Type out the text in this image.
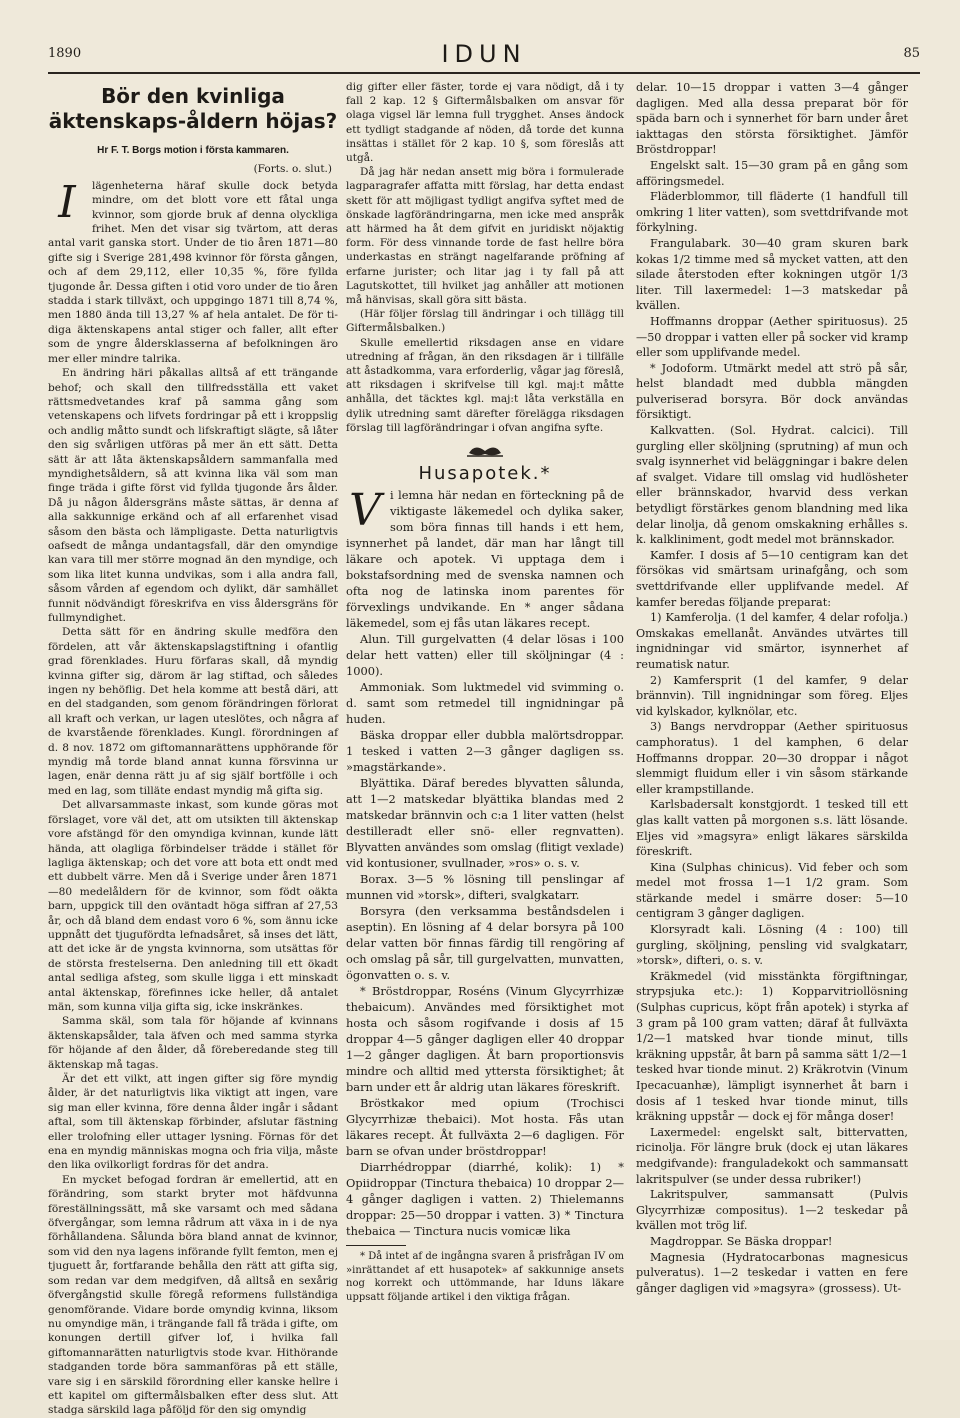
1890	IDUN	85
Bör den kvinliga äktenskaps-åldern höjas?

Hr F. T. Borgs motion i första kammaren.

(Forts. o. slut.)

I	lägenheterna häraf skulle dock betyda mindre, om det blott vore ett fåtal unga kvinnor, som gjorde bruk af denna olyckliga frihet. Men det visar sig tvärtom, att deras antal varit ganska stort. Under de tio åren 1871—80 gifte sig i Sverige 281,498 kvinnor för första gången, och af dem 29,112, eller 10,35 %, före fyllda tjugonde år. Dessa giften i otid voro under de tio åren stadda i stark tillväxt, och uppgingo 1871 till 8,74 %, men 1880 ända till 13,27 % af hela antalet. De för ti-diga äktenskapens antal stiger och faller, allt efter som de yngre åldersklasserna af befolkningen äro mer eller mindre talrika.

En ändring häri påkallas alltså af ett trängande behof; och skall den tillfredsställa ett vaket rättsmedvetandes kraf på samma gång som vetenskapens och lifvets fordringar på ett i kroppslig och andlig måtto sundt och lifskraftigt slägte, så låter den sig svårligen utföras på mer än ett sätt. Detta sätt är att låta äktenskapsåldern sammanfalla med myndighetsåldern, så att kvinna lika väl som man finge träda i gifte först vid fyllda tjugonde års ålder. Då ju någon åldersgräns måste sättas, är denna af alla sakkunnige erkänd och af all erfarenhet visad såsom den bästa och lämpligaste. Detta naturligtvis oafsedt de många undantagsfall, där den omyndige kan vara till mer större mognad än den myndige, och som lika litet kunna undvikas, som i alla andra fall, såsom vården af egendom och dylikt, där samhället funnit nödvändigt föreskrifva en viss åldersgräns för fullmyndighet.

Detta sätt för en ändring skulle medföra den fördelen, att vår äktenskapslagstiftning i ofantlig grad förenklades. Huru förfaras skall, då myndig kvinna gifter sig, därom är lag stiftad, och således ingen ny behöflig. Det hela komme att bestå däri, att en del stadganden, som genom förändringen förlorat all kraft och verkan, ur lagen uteslötes, och några af de kvarstående förenklades. Kungl. förordningen af d. 8 nov. 1872 om giftomannarättens upphörande för myndig må torde bland annat kunna försvinna ur lagen, enär denna rätt ju af sig själf bortfölle i och med en lag, som tillätе endast myndig må gifta sig.

Det allvarsammaste inkast, som kunde göras mot förslaget, vore väl det, att om utsikten till äktenskap vore afstängd för den omyndiga kvinnan, kunde lätt hända, att olagliga förbindelser trädde i stället för lagliga äktenskap; och det vore att bota ett ondt med ett dubbelt värre. Men då i Sverige under åren 1871—80 medelåldern för de kvinnor, som födt oäkta barn, uppgick till den oväntadt höga siffran af 27,53 år, och då bland dem endast voro 6 %, som ännu icke uppnått det tjugufördta lefnadsåret, så inses det lätt, att det icke är de yngsta kvinnorna, som utsättas för de största frestelserna. Den anledning till ett ökadt antal sedliga afsteg, som skulle ligga i ett minskadt antal äktenskap, förefinnes icke heller, då antalet män, som kunna vilja gifta sig, icke inskränkes.

Samma skäl, som tala för höjande af kvinnans äktenskapsålder, tala äfven och med samma styrka för höjande af den ålder, då föreberedande steg till äktenskap må tagas.

Är det ett vilkt, att ingen gifter sig före myndig ålder, är det naturligtvis lika viktigt att ingen, vare sig man eller kvinna, före denna ålder ingår i sådant aftal, som till äktenskap förbinder, afslutar fästning eller trolofning eller uttager lysning. Förnas för det ena en myndig människas mogna och fria vilja, måste den lika ovilkorligt fordras för det andra.

En mycket befogad fordran är emellertid, att en förändring, som starkt bryter mot häfdvunna föreställningssätt, må ske varsamt och med sådana öfvergångar, som lemna rådrum att växa in i de nya förhållandena. Sålunda böra bland annat de kvinnor, som vid den nya lagens införande fyllt femton, men ej tjuguett år, fortfarande behålla den rätt att gifta sig, som redan var dem medgifven, då alltså en sexårig öfvergångstid skulle föregå reformens fullständiga genomförande. Vidare borde omyndig kvinna, liksom nu omyndige män, i trängande fall få träda i gifte, om konungen dertill gifver lof, i hvilka fall giftomannarätten naturligtvis stode kvar. Hithörande stadganden torde böra sammanföras på ett ställe, vare sig i en särskild förordning eller kanske hellre i ett kapitel om giftermålsbalken efter dess slut. Att stadga särskild laga påföljd för den sig omyndig

dig gifter eller fäster, torde ej vara nödigt, då i ty fall 2 kap. 12 § Giftermålsbalken om ansvar för olaga vigsel lär lemna full trygghet. Anses ändock ett tydligt stadgande af nöden, då torde det kunna insättas i stället för 2 kap. 10 §, som föreslås att utgå.

Då jag här nedan ansett mig böra i formulerade lagparagrafer affatta mitt förslag, har detta endast skett för att möjligast tydligt angifva syftet med de önskade lagförändringarna, men icke med anspråk att härmed ha åt dem gifvit en juridiskt nöjaktig form. För dess vinnande torde de fast hellre böra underkastas en strängt nagelfarande pröfning af erfarne jurister; och litar jag i ty fall på att Lagutskottet, till hvilket jag anhåller att motionen må hänvisas, skall göra sitt bästa.

(Här följer förslag till ändringar i och tillägg till Giftermålsbalken.)

Skulle emellertid riksdagen anse en vidare utredning af frågan, än den riksdagen är i tillfälle att åstadkomma, vara erforderlig, vågar jag föreslå, att riksdagen i skrifvelse till kgl. maj:t måtte anhålla, det täcktes kgl. maj:t låta verkställa en dylik utredning samt därefter förelägga riksdagen förslag till lagförändringar i ofvan angifna syfte.

Husapotek.*
V i lemna här nedan en förteckning på de viktigaste läkemedel och dylika saker, som böra finnas till hands i ett hem, isynnerhet på landet, där man har långt till läkare och apotek. Vi upptaga dem i bokstafsordning med de svenska namnen och ofta nog de latinska inom parentes för förvexlings undvikande. En * anger sådana läkemedel, som ej fås utan läkares recept.

Alun. Till gurgelvatten (4 delar lösas i 100 delar hett vatten) eller till sköljningar (4 : 1000).

Ammoniak. Som luktmedel vid svimming o. d. samt som retmedel till ingnidningar på huden.

Bäska droppar eller dubbla malörtsdroppar. 1 tesked i vatten 2—3 gånger dagligen ss. »magstärkande».

Blyättika. Däraf beredes blyvatten sålunda, att 1—2 matskedar blyättika blandas med 2 matskedar brännvin och c:a 1 liter vatten (helst destilleradt eller snö- eller regnvatten). Blyvatten användes som omslag (flitigt vexlade) vid kontusioner, svullnader, »ros» o. s. v.

Borax. 3—5 % lösning till penslingar af munnen vid »torsk», difteri, svalgkatarr.

Borsyra (den verksamma beståndsdelen i aseptin). En lösning af 4 delar borsyra på 100 delar vatten bör finnas färdig till rengöring af och omslag på sår, till gurgelvatten, munvatten, ögonvatten o. s. v.

* Bröstdroppar, Roséns (Vinum Glycyrrhizæ thebaicum). Användes med försiktighet mot hosta och såsom rogifvande i dosis af 15 droppar 4—5 gånger dagligen eller 40 droppar 1—2 gånger dagligen. Åt barn proportionsvis mindre och alltid med yttersta försiktighet; åt barn under ett år aldrig utan läkares föreskrift.

Bröstkakor med opium (Trochisci Glycyrrhizæ thebaici). Mot hosta. Fås utan läkares recept. Åt fullväxta 2—6 dagligen. För barn se ofvan under bröstdroppar!

Diarrhédroppar (diarrhé, kolik): 1) * Opiidroppar (Tinctura thebaica) 10 droppar 2—4 gånger dagligen i vatten. 2) Thielemanns droppar: 25—50 droppar i vatten. 3) * Tinctura thebaica — Tinctura nucis vomicæ lika

* Då intet af de ingångna svaren å prisfrågan IV om »inrättandet af ett husapotek» af sakkunnige ansets nog korrekt och uttömmande, har Iduns läkare uppsatt följande artikel i den viktiga frågan.

delar. 10—15 droppar i vatten 3—4 gånger dagligen. Med alla dessa preparat bör för späda barn och i synnerhet för barn under året iakttagas den största försiktighet. Jämför Bröstdroppar!

Engelskt salt. 15—30 gram på en gång som afföringsmedel.

Fläderblommor, till fläderte (1 handfull till omkring 1 liter vatten), som svettdrifvande mot förkylning.

Frangulabark. 30—40 gram skuren bark kokas 1/2 timme med så mycket vatten, att den silade återstoden efter kokningen utgör 1/3 liter. Till laxermedel: 1—3 matskedar på kvällen.

Hoffmanns droppar (Aether spirituosus). 25—50 droppar i vatten eller på socker vid kramp eller som upplifvande medel.

* Jodoform. Utmärkt medel att strö på sår, helst blandadt med dubbla mängden pulveriserad borsyra. Bör dock användas försiktigt.

Kalkvatten. (Sol. Hydrat. calcici). Till gurgling eller sköljning (sprutning) af mun och svalg isynnerhet vid beläggningar i bakre delen af svalget. Vidare till omslag vid hudlösheter eller brännskador, hvarvid dess verkan betydligt förstärkes genom blandning med lika delar linolja, då genom omskakning erhålles s. k. kalkliniment, godt medel mot brännskador.

Kamfer. I dosis af 5—10 centigram kan det försökas vid smärtsam urinafgång, och som svettdrifvande eller upplifvande medel. Af kamfer beredas följande preparat:

1) Kamferolja. (1 del kamfer, 4 delar rofolja.) Omskakas emellanåt. Användes utvärtes till ingnidningar vid smärtor, isynnerhet af reumatisk natur.

2) Kamfersprit (1 del kamfer, 9 delar brännvin). Till ingnidningar som förеg. Eljes vid kylskador, kylknölar, etc.

3) Bangs nervdroppar (Aether spirituosus camphoratus). 1 del kamphen, 6 delar Hoffmanns droppar. 20—30 droppar i något slemmigt fluidum eller i vin såsom stärkande eller krampstillande.

Karlsbadersalt konstgjordt. 1 tesked till ett glas kallt vatten på morgonen s.s. lätt lösande. Eljes vid »magsyra» enligt läkares särskilda föreskrift.

Kina (Sulphas chinicus). Vid feber och som medel mot frossa 1—1 1/2 gram. Som stärkande medel i smärre doser: 5—10 centigram 3 gånger dagligen.

Klorsyradt kali. Lösning (4 : 100) till gurgling, sköljning, pensling vid svalgkatarr, »torsk», difteri, o. s. v.

Kräkmedel (vid misstänkta förgiftningar, strypsjuka etc.): 1) Kopparvitriollösning (Sulphas cupricus, köpt från apotek) i styrka af 3 gram på 100 gram vatten; däraf åt fullväxta 1/2—1 matsked hvar tionde minut, tills kräkning uppstår, åt barn på samma sätt 1/2—1 tesked hvar tionde minut. 2) Kräkrotvin (Vinum Ipecacuanhæ), lämpligt isynnerhet åt barn i dosis af 1 tesked hvar tionde minut, tills kräkning uppstår — dock ej för många doser!

Laxermedel: engelskt salt, bittervatten, ricinolja. För längre bruk (dock ej utan läkares medgifvande): franguladekokt och sammansatt lakritspulver (se under dessa rubriker!)

Lakritspulver, sammansatt (Pulvis Glycyrrhizæ compositus). 1—2 teskedar på kvällen mot trög lif.

Magdroppar. Se Bäska droppar!

Magnesia (Hydratocarbonas magnesicus pulveratus). 1—2 teskedar i vatten en fere gånger dagligen vid »magsyra» (grossess). Ut-
